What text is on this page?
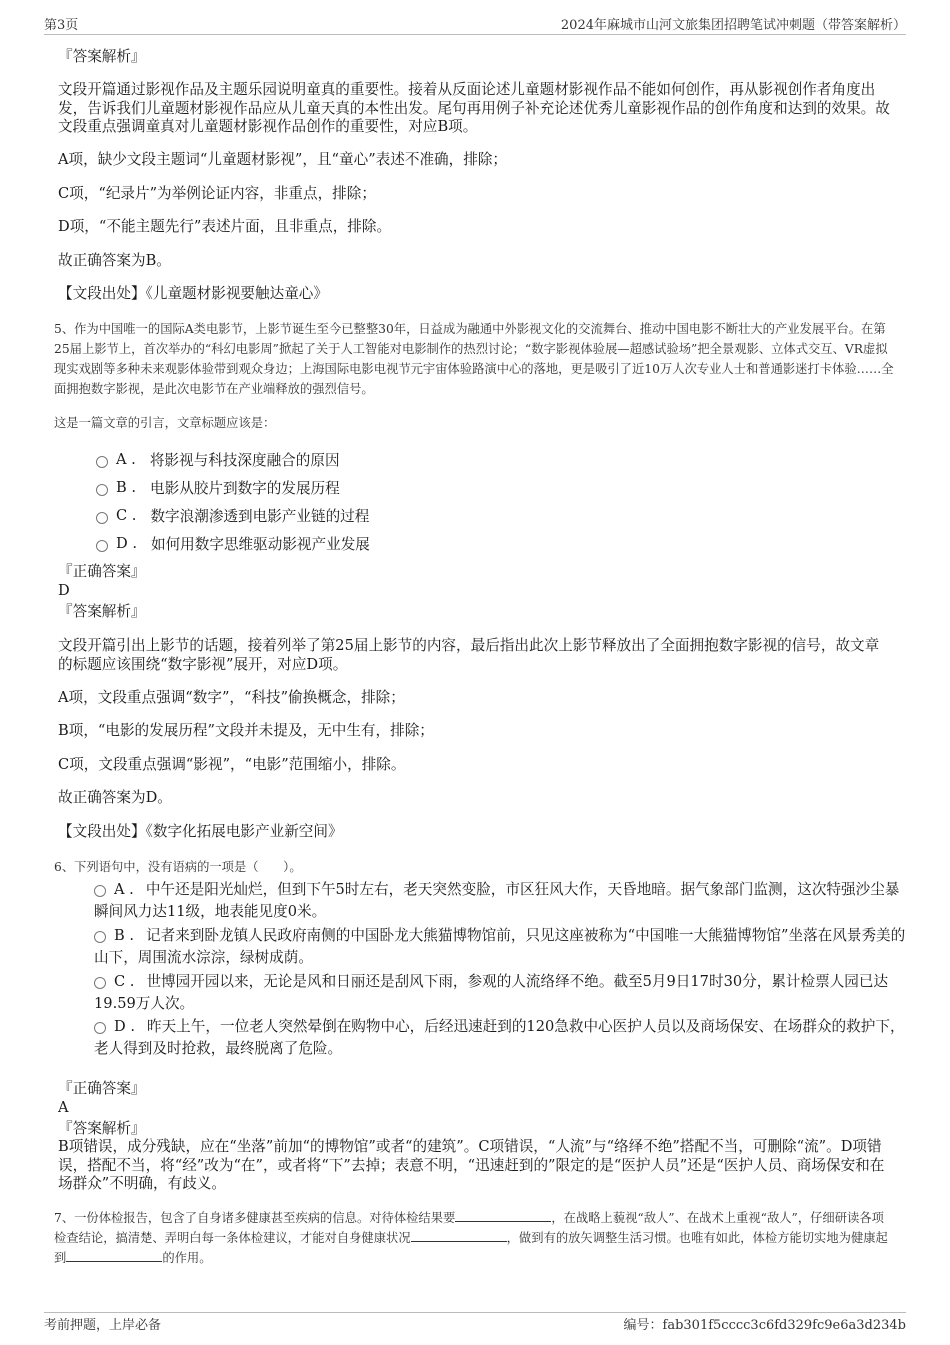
第3页	2024年麻城市山河文旅集团招聘笔试冲刺题（带答案解析）
『答案解析』
文段开篇通过影视作品及主题乐园说明童真的重要性。接着从反面论述儿童题材影视作品不能如何创作，再从影视创作者角度出发，告诉我们儿童题材影视作品应从儿童天真的本性出发。尾句再用例子补充论述优秀儿童影视作品的创作角度和达到的效果。故文段重点强调童真对儿童题材影视作品创作的重要性，对应B项。
A项，缺少文段主题词“儿童题材影视”，且“童心”表述不准确，排除；
C项，“纪录片”为举例论证内容，非重点，排除；
D项，“不能主题先行”表述片面，且非重点，排除。
故正确答案为B。
【文段出处】《儿童题材影视要触达童心》
5、作为中国唯一的国际A类电影节，上影节诞生至今已整整30年，日益成为融通中外影视文化的交流舞台、推动中国电影不断壮大的产业发展平台。在第25届上影节上，首次举办的“科幻电影周”掀起了关于人工智能对电影制作的热烈讨论；“数字影视体验展—超感试验场”把全景观影、立体式交互、VR虚拟现实戏剧等多种未来观影体验带到观众身边；上海国际电影电视节元宇宙体验路演中心的落地，更是吸引了近10万人次专业人士和普通影迷打卡体验……全面拥抱数字影视，是此次电影节在产业端释放的强烈信号。
这是一篇文章的引言，文章标题应该是：
A . 将影视与科技深度融合的原因
B . 电影从胶片到数字的发展历程
C . 数字浪潮渗透到电影产业链的过程
D . 如何用数字思维驱动影视产业发展
『正确答案』
D
『答案解析』
文段开篇引出上影节的话题，接着列举了第25届上影节的内容，最后指出此次上影节释放出了全面拥抱数字影视的信号，故文章的标题应该围绕“数字影视”展开，对应D项。
A项，文段重点强调“数字”，“科技”偷换概念，排除；
B项，“电影的发展历程”文段并未提及，无中生有，排除；
C项，文段重点强调“影视”，“电影”范围缩小，排除。
故正确答案为D。
【文段出处】《数字化拓展电影产业新空间》
6、下列语句中，没有语病的一项是（　　）。
A . 中午还是阳光灿烂，但到下午5时左右，老天突然变脸，市区狂风大作，天昏地暗。据气象部门监测，这次特强沙尘暴瞬间风力达11级，地表能见度0米。
B . 记者来到卧龙镇人民政府南侧的中国卧龙大熊猫博物馆前，只见这座被称为“中国唯一大熊猫博物馆”坐落在风景秀美的山下，周围流水淙淙，绿树成荫。
C . 世博园开园以来，无论是风和日丽还是刮风下雨，参观的人流络绎不绝。截至5月9日17时30分，累计检票人园已达19.59万人次。
D . 昨天上午，一位老人突然晕倒在购物中心，后经迅速赶到的120急救中心医护人员以及商场保安、在场群众的救护下，老人得到及时抢救，最终脱离了危险。
『正确答案』
A
『答案解析』
B项错误，成分残缺，应在“坐落”前加“的博物馆”或者“的建筑”。C项错误，“人流”与“络绎不绝”搭配不当，可删除“流”。D项错误，搭配不当，将“经”改为“在”，或者将“下”去掉；表意不明，“迅速赶到的”限定的是“医护人员”还是“医护人员、商场保安和在场群众”不明确，有歧义。
7、一份体检报告，包含了自身诸多健康甚至疾病的信息。对待体检结果要	，在战略上藐视“敌人”、在战术上重视“敌人”，仔细研读各项检查结论，搞清楚、弄明白每一条体检建议，才能对自身健康状况	，做到有的放矢调整生活习惯。也唯有如此，体检方能切实地为健康起到	的作用。
考前押题，上岸必备	编号：fab301f5cccc3c6fd329fc9e6a3d234b
